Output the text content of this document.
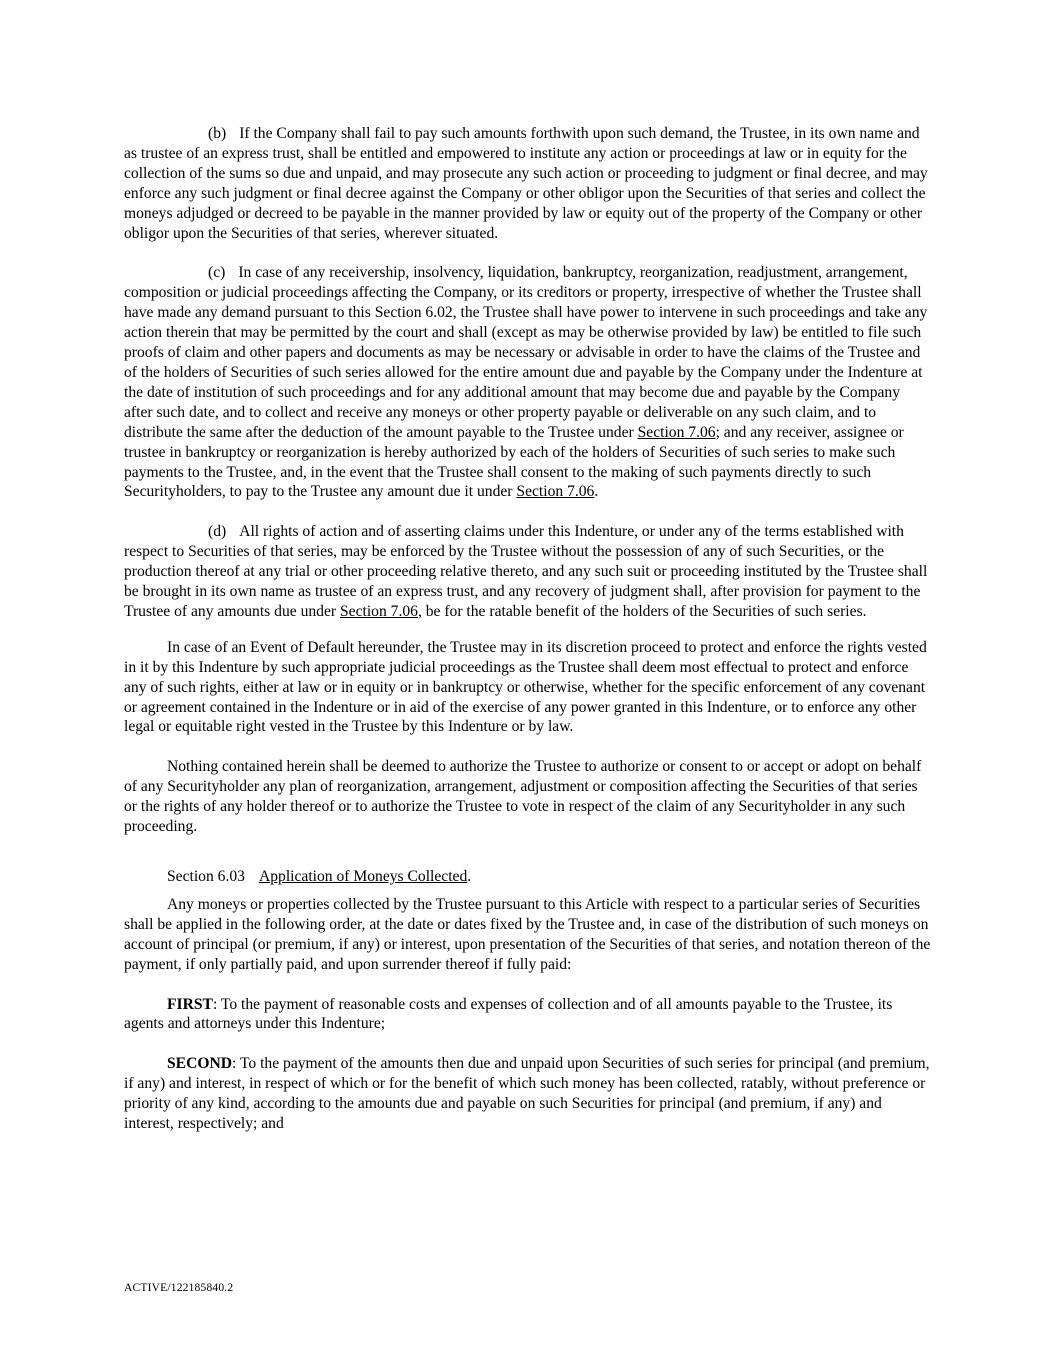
(b) If the Company shall fail to pay such amounts forthwith upon such demand, the Trustee, in its own name and as trustee of an express trust, shall be entitled and empowered to institute any action or proceedings at law or in equity for the collection of the sums so due and unpaid, and may prosecute any such action or proceeding to judgment or final decree, and may enforce any such judgment or final decree against the Company or other obligor upon the Securities of that series and collect the moneys adjudged or decreed to be payable in the manner provided by law or equity out of the property of the Company or other obligor upon the Securities of that series, wherever situated.

(c) In case of any receivership, insolvency, liquidation, bankruptcy, reorganization, readjustment, arrangement, composition or judicial proceedings affecting the Company, or its creditors or property, irrespective of whether the Trustee shall have made any demand pursuant to this Section 6.02, the Trustee shall have power to intervene in such proceedings and take any action therein that may be permitted by the court and shall (except as may be otherwise provided by law) be entitled to file such proofs of claim and other papers and documents as may be necessary or advisable in order to have the claims of the Trustee and of the holders of Securities of such series allowed for the entire amount due and payable by the Company under the Indenture at the date of institution of such proceedings and for any additional amount that may become due and payable by the Company after such date, and to collect and receive any moneys or other property payable or deliverable on any such claim, and to distribute the same after the deduction of the amount payable to the Trustee under Section 7.06; and any receiver, assignee or trustee in bankruptcy or reorganization is hereby authorized by each of the holders of Securities of such series to make such payments to the Trustee, and, in the event that the Trustee shall consent to the making of such payments directly to such Securityholders, to pay to the Trustee any amount due it under Section 7.06.

(d) All rights of action and of asserting claims under this Indenture, or under any of the terms established with respect to Securities of that series, may be enforced by the Trustee without the possession of any of such Securities, or the production thereof at any trial or other proceeding relative thereto, and any such suit or proceeding instituted by the Trustee shall be brought in its own name as trustee of an express trust, and any recovery of judgment shall, after provision for payment to the Trustee of any amounts due under Section 7.06, be for the ratable benefit of the holders of the Securities of such series.

In case of an Event of Default hereunder, the Trustee may in its discretion proceed to protect and enforce the rights vested in it by this Indenture by such appropriate judicial proceedings as the Trustee shall deem most effectual to protect and enforce any of such rights, either at law or in equity or in bankruptcy or otherwise, whether for the specific enforcement of any covenant or agreement contained in the Indenture or in aid of the exercise of any power granted in this Indenture, or to enforce any other legal or equitable right vested in the Trustee by this Indenture or by law.

Nothing contained herein shall be deemed to authorize the Trustee to authorize or consent to or accept or adopt on behalf of any Securityholder any plan of reorganization, arrangement, adjustment or composition affecting the Securities of that series or the rights of any holder thereof or to authorize the Trustee to vote in respect of the claim of any Securityholder in any such proceeding.

Section 6.03 Application of Moneys Collected.

Any moneys or properties collected by the Trustee pursuant to this Article with respect to a particular series of Securities shall be applied in the following order, at the date or dates fixed by the Trustee and, in case of the distribution of such moneys on account of principal (or premium, if any) or interest, upon presentation of the Securities of that series, and notation thereon of the payment, if only partially paid, and upon surrender thereof if fully paid:

FIRST: To the payment of reasonable costs and expenses of collection and of all amounts payable to the Trustee, its agents and attorneys under this Indenture;

SECOND: To the payment of the amounts then due and unpaid upon Securities of such series for principal (and premium, if any) and interest, in respect of which or for the benefit of which such money has been collected, ratably, without preference or priority of any kind, according to the amounts due and payable on such Securities for principal (and premium, if any) and interest, respectively; and

ACTIVE/122185840.2
